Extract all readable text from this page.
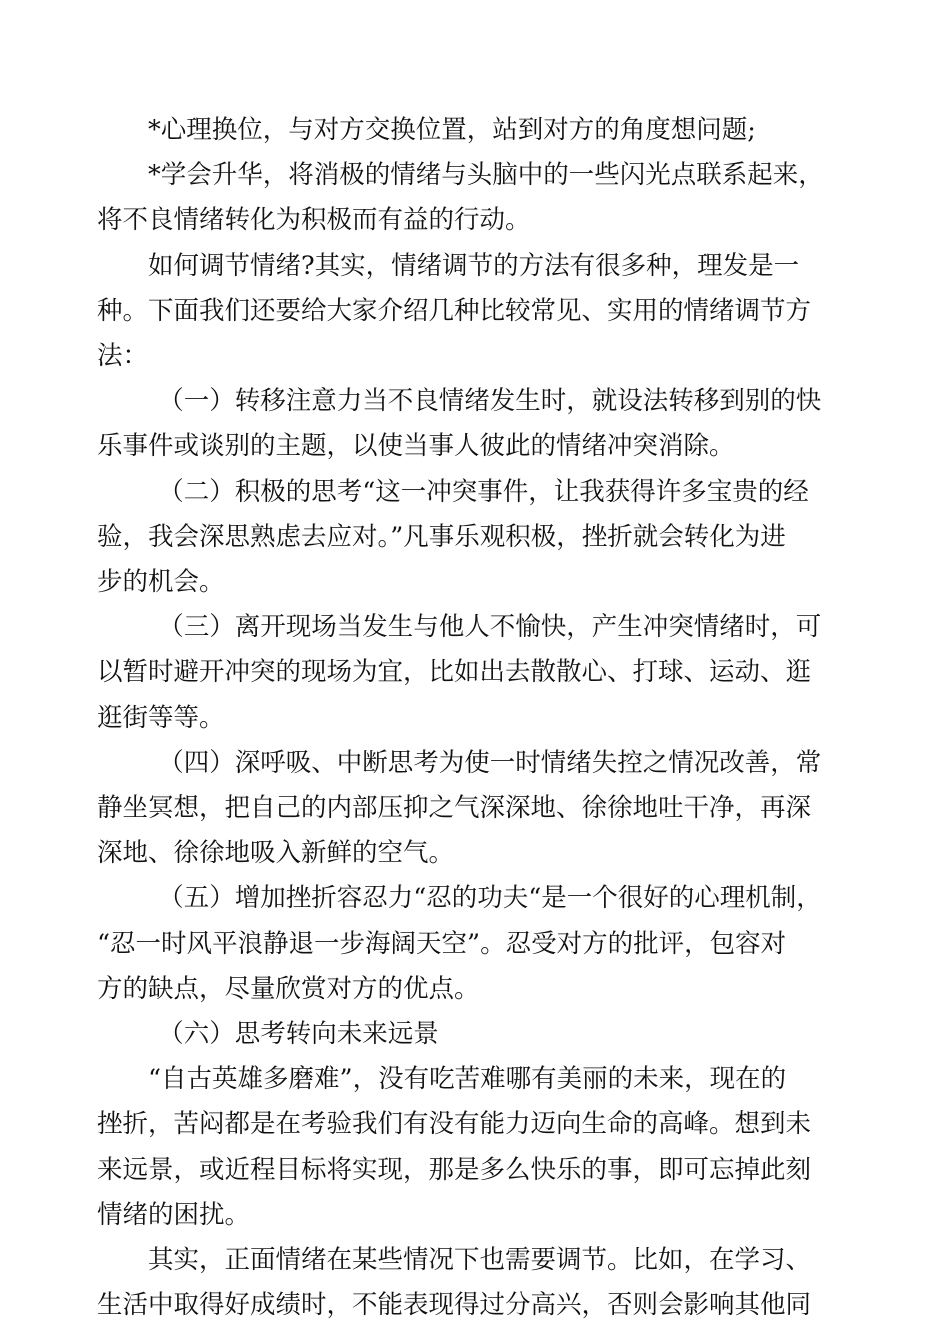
*心理换位，与对方交换位置，站到对方的角度想问题;

*学会升华，将消极的情绪与头脑中的一些闪光点联系起来，
将不良情绪转化为积极而有益的行动。

如何调节情绪?其实，情绪调节的方法有很多种，理发是一
种。下面我们还要给大家介绍几种比较常见、实用的情绪调节方
法：

（一）转移注意力当不良情绪发生时，就设法转移到别的快
乐事件或谈别的主题，以使当事人彼此的情绪冲突消除。

（二）积极的思考“这一冲突事件，让我获得许多宝贵的经
验，我会深思熟虑去应对。”凡事乐观积极，挫折就会转化为进
步的机会。

（三）离开现场当发生与他人不愉快，产生冲突情绪时，可
以暂时避开冲突的现场为宜，比如出去散散心、打球、运动、逛
逛街等等。

（四）深呼吸、中断思考为使一时情绪失控之情况改善，常
静坐冥想，把自己的内部压抑之气深深地、徐徐地吐干净，再深
深地、徐徐地吸入新鲜的空气。

（五）增加挫折容忍力“忍的功夫“是一个很好的心理机制，
“忍一时风平浪静退一步海阔天空”。忍受对方的批评，包容对
方的缺点，尽量欣赏对方的优点。

（六）思考转向未来远景

“自古英雄多磨难”，没有吃苦难哪有美丽的未来，现在的
挫折，苦闷都是在考验我们有没有能力迈向生命的高峰。想到未
来远景，或近程目标将实现，那是多么快乐的事，即可忘掉此刻
情绪的困扰。

其实，正面情绪在某些情况下也需要调节。比如，在学习、
生活中取得好成绩时，不能表现得过分高兴，否则会影响其他同
